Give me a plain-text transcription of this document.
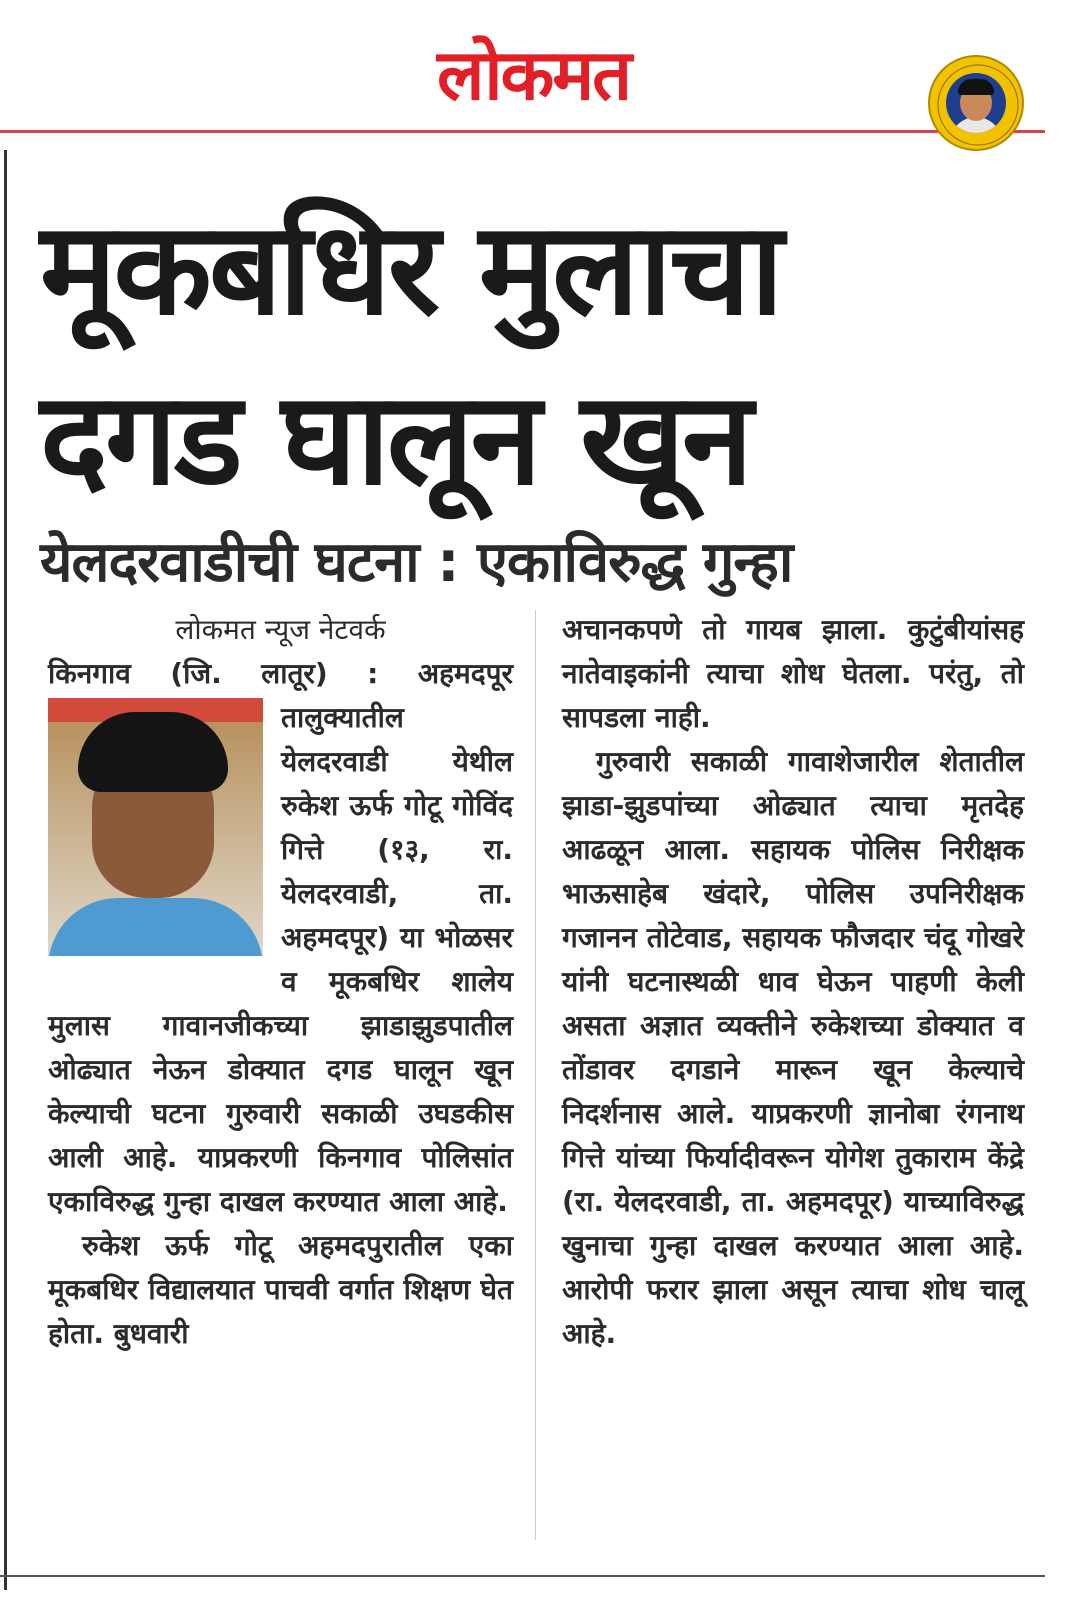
लोकमत
मूकबधिर मुलाचा
दगड घालून खून
येलदरवाडीची घटना : एकाविरुद्ध गुन्हा
लोकमत न्यूज नेटवर्क

किनगाव (जि. लातूर) : अहमदपूर तालुक्यातील येलदरवाडी येथील रुकेश ऊर्फ गोटू गोविंद गित्ते (१३, रा. येलदरवाडी, ता. अहमदपूर) या भोळसर व मूकबधिर शालेय मुलास गावानजीकच्या झाडाझुडपातील ओढ्यात नेऊन डोक्यात दगड घालून खून केल्याची घटना गुरुवारी सकाळी उघडकीस आली आहे. याप्रकरणी किनगाव पोलिसांत एकाविरुद्ध गुन्हा दाखल करण्यात आला आहे.

रुकेश ऊर्फ गोटू अहमदपुरातील एका मूकबधिर विद्यालयात पाचवी वर्गात शिक्षण घेत होता. बुधवारी

अचानकपणे तो गायब झाला. कुटुंबीयांसह नातेवाइकांनी त्याचा शोध घेतला. परंतु, तो सापडला नाही.

गुरुवारी सकाळी गावाशेजारील शेतातील झाडा-झुडपांच्या ओढ्यात त्याचा मृतदेह आढळून आला. सहायक पोलिस निरीक्षक भाऊसाहेब खंदारे, पोलिस उपनिरीक्षक गजानन तोटेवाड, सहायक फौजदार चंदू गोखरे यांनी घटनास्थळी धाव घेऊन पाहणी केली असता अज्ञात व्यक्तीने रुकेशच्या डोक्यात व तोंडावर दगडाने मारून खून केल्याचे निदर्शनास आले. याप्रकरणी ज्ञानोबा रंगनाथ गित्ते यांच्या फिर्यादीवरून योगेश तुकाराम केंद्रे (रा. येलदरवाडी, ता. अहमदपूर) याच्याविरुद्ध खुनाचा गुन्हा दाखल करण्यात आला आहे. आरोपी फरार झाला असून त्याचा शोध चालू आहे.
